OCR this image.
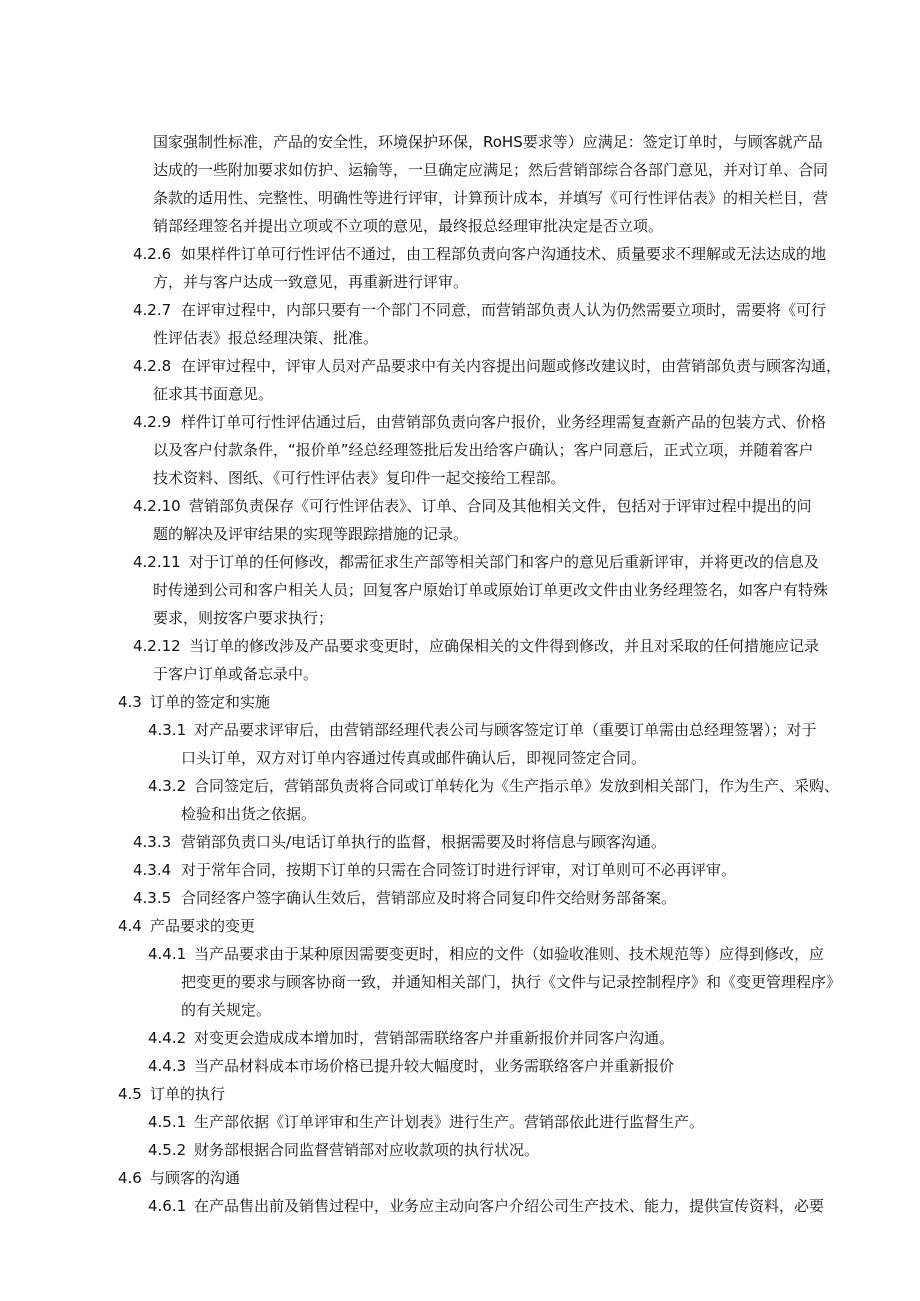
国家强制性标准，产品的安全性，环境保护环保，RoHS要求等）应满足：签定订单时，与顾客就产品
达成的一些附加要求如仿护、运输等，一旦确定应满足；然后营销部综合各部门意见，并对订单、合同
条款的适用性、完整性、明确性等进行评审，计算预计成本，并填写《可行性评估表》的相关栏目，营
销部经理签名并提出立项或不立项的意见，最终报总经理审批决定是否立项。
4.2.6 如果样件订单可行性评估不通过，由工程部负责向客户沟通技术、质量要求不理解或无法达成的地
方，并与客户达成一致意见，再重新进行评审。
4.2.7 在评审过程中，内部只要有一个部门不同意，而营销部负责人认为仍然需要立项时，需要将《可行
性评估表》报总经理决策、批准。
4.2.8 在评审过程中，评审人员对产品要求中有关内容提出问题或修改建议时，由营销部负责与顾客沟通，
征求其书面意见。
4.2.9 样件订单可行性评估通过后，由营销部负责向客户报价，业务经理需复查新产品的包装方式、价格
以及客户付款条件，“报价单”经总经理签批后发出给客户确认；客户同意后，正式立项，并随着客户
技术资料、图纸、《可行性评估表》复印件一起交接给工程部。
4.2.10 营销部负责保存《可行性评估表》、订单、合同及其他相关文件，包括对于评审过程中提出的问
题的解决及评审结果的实现等跟踪措施的记录。
4.2.11 对于订单的任何修改，都需征求生产部等相关部门和客户的意见后重新评审，并将更改的信息及
时传递到公司和客户相关人员；回复客户原始订单或原始订单更改文件由业务经理签名，如客户有特殊
要求，则按客户要求执行；
4.2.12 当订单的修改涉及产品要求变更时，应确保相关的文件得到修改，并且对采取的任何措施应记录
于客户订单或备忘录中。
4.3 订单的签定和实施
4.3.1 对产品要求评审后，由营销部经理代表公司与顾客签定订单（重要订单需由总经理签署）；对于
口头订单，双方对订单内容通过传真或邮件确认后，即视同签定合同。
4.3.2 合同签定后，营销部负责将合同或订单转化为《生产指示单》发放到相关部门，作为生产、采购、
检验和出货之依据。
4.3.3 营销部负责口头/电话订单执行的监督，根据需要及时将信息与顾客沟通。
4.3.4 对于常年合同，按期下订单的只需在合同签订时进行评审，对订单则可不必再评审。
4.3.5 合同经客户签字确认生效后，营销部应及时将合同复印件交给财务部备案。
4.4 产品要求的变更
4.4.1 当产品要求由于某种原因需要变更时，相应的文件（如验收准则、技术规范等）应得到修改，应
把变更的要求与顾客协商一致，并通知相关部门，执行《文件与记录控制程序》和《变更管理程序》
的有关规定。
4.4.2 对变更会造成成本增加时，营销部需联络客户并重新报价并同客户沟通。
4.4.3 当产品材料成本市场价格已提升较大幅度时，业务需联络客户并重新报价
4.5 订单的执行
4.5.1 生产部依据《订单评审和生产计划表》进行生产。营销部依此进行监督生产。
4.5.2 财务部根据合同监督营销部对应收款项的执行状况。
4.6 与顾客的沟通
4.6.1 在产品售出前及销售过程中，业务应主动向客户介绍公司生产技术、能力，提供宣传资料，必要
